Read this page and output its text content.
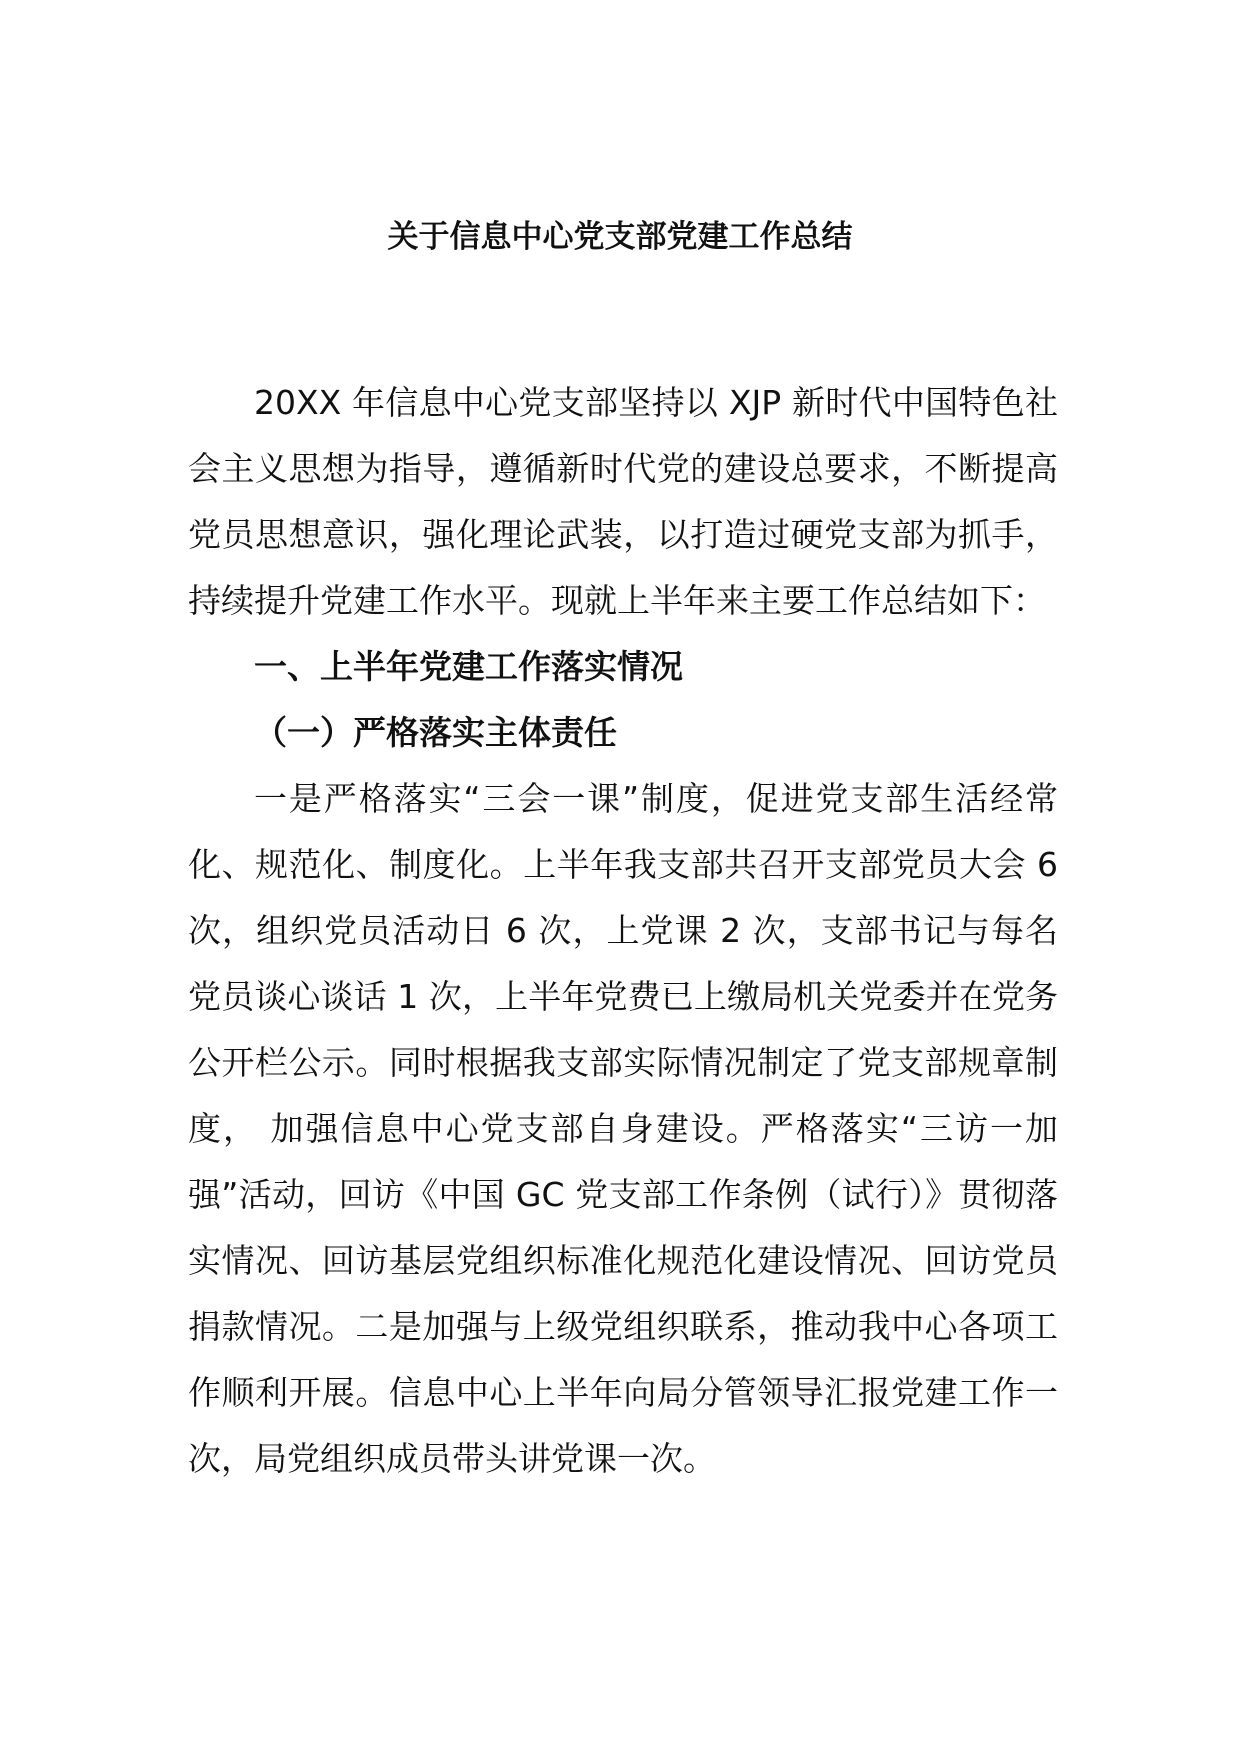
关于信息中心党支部党建工作总结

20XX 年信息中心党支部坚持以 XJP 新时代中国特色社会主义思想为指导，遵循新时代党的建设总要求，不断提高党员思想意识，强化理论武装，以打造过硬党支部为抓手，持续提升党建工作水平。现就上半年来主要工作总结如下：

一、上半年党建工作落实情况

（一）严格落实主体责任

一是严格落实“三会一课”制度，促进党支部生活经常化、规范化、制度化。上半年我支部共召开支部党员大会 6 次，组织党员活动日 6 次，上党课 2 次，支部书记与每名党员谈心谈话 1 次，上半年党费已上缴局机关党委并在党务公开栏公示。同时根据我支部实际情况制定了党支部规章制度， 加强信息中心党支部自身建设。严格落实“三访一加强”活动，回访《中国 GC 党支部工作条例（试行）》贯彻落实情况、回访基层党组织标准化规范化建设情况、回访党员捐款情况。二是加强与上级党组织联系，推动我中心各项工作顺利开展。信息中心上半年向局分管领导汇报党建工作一次，局党组织成员带头讲党课一次。
